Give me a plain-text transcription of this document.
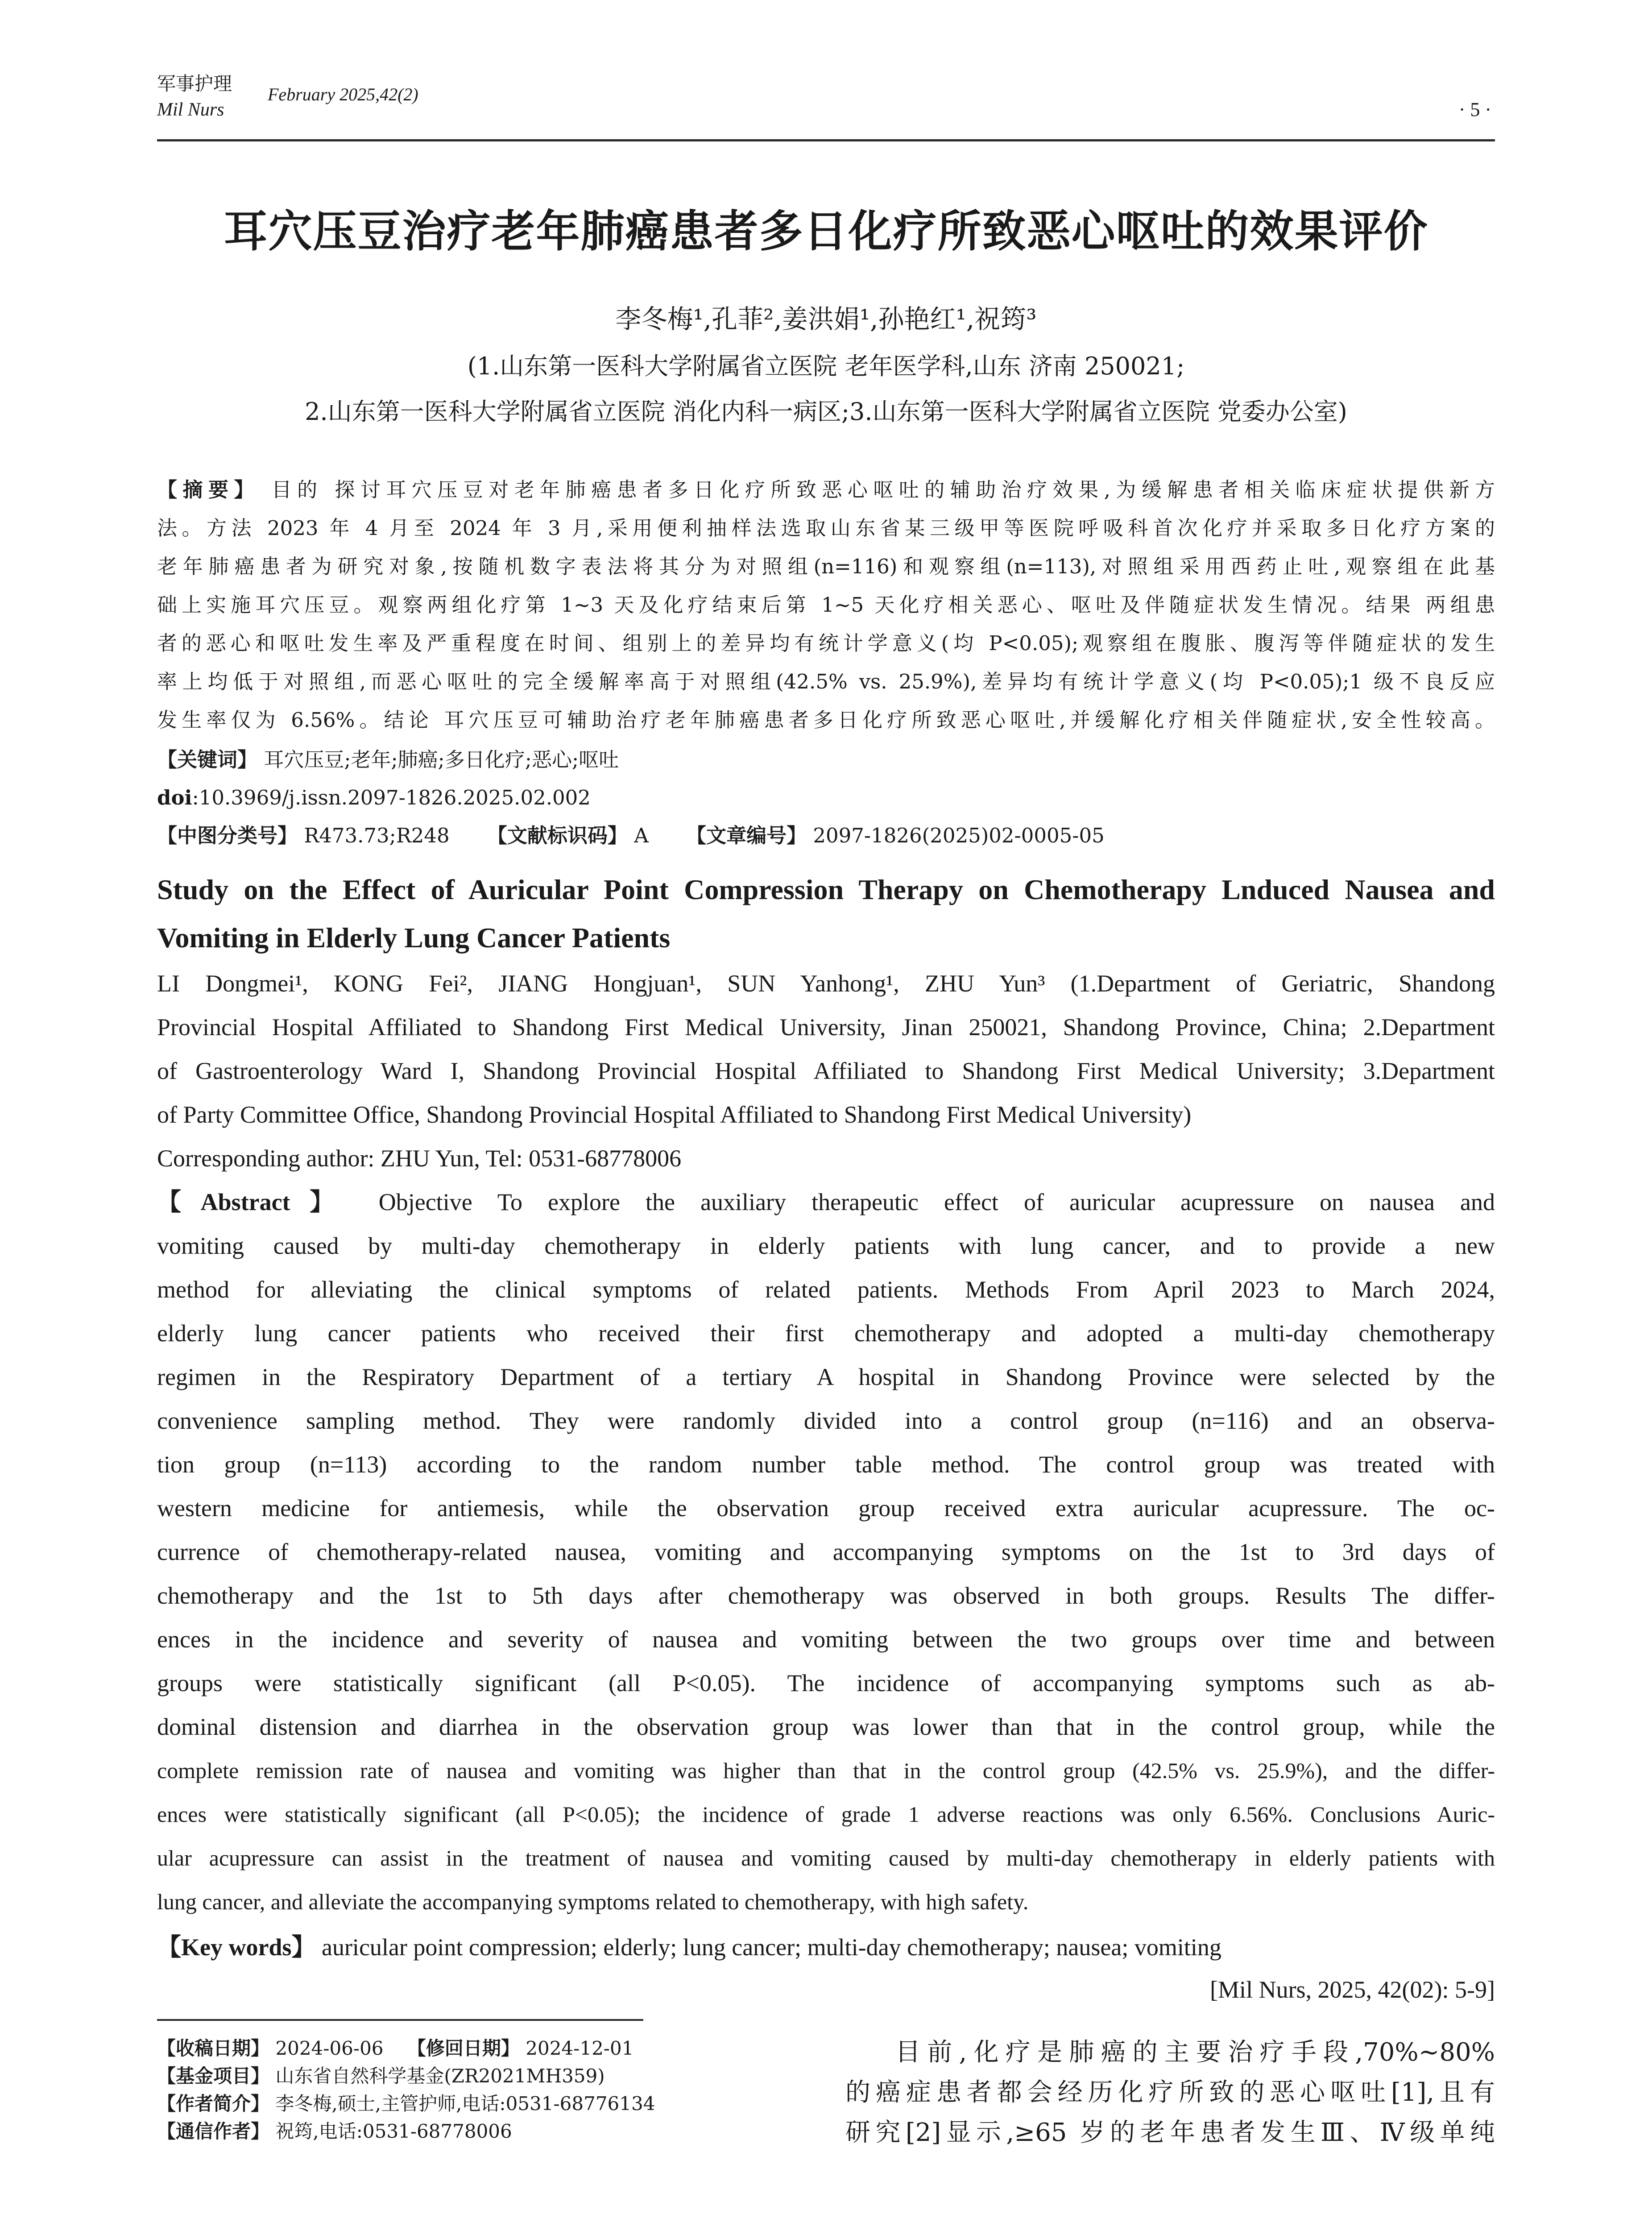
军事护理
Mil Nurs
February 2025,42(2)
· 5 ·
耳穴压豆治疗老年肺癌患者多日化疗所致恶心呕吐的效果评价
李冬梅¹,孔菲²,姜洪娟¹,孙艳红¹,祝筠³
(1.山东第一医科大学附属省立医院 老年医学科,山东 济南 250021;
2.山东第一医科大学附属省立医院 消化内科一病区;3.山东第一医科大学附属省立医院 党委办公室)
【摘要】 目的 探讨耳穴压豆对老年肺癌患者多日化疗所致恶心呕吐的辅助治疗效果,为缓解患者相关临床症状提供新方
法。方法 2023 年 4 月至 2024 年 3 月,采用便利抽样法选取山东省某三级甲等医院呼吸科首次化疗并采取多日化疗方案的
老年肺癌患者为研究对象,按随机数字表法将其分为对照组(n=116)和观察组(n=113),对照组采用西药止吐,观察组在此基
础上实施耳穴压豆。观察两组化疗第 1~3 天及化疗结束后第 1~5 天化疗相关恶心、呕吐及伴随症状发生情况。结果 两组患
者的恶心和呕吐发生率及严重程度在时间、组别上的差异均有统计学意义(均 P<0.05);观察组在腹胀、腹泻等伴随症状的发生
率上均低于对照组,而恶心呕吐的完全缓解率高于对照组(42.5% vs. 25.9%),差异均有统计学意义(均 P<0.05);1 级不良反应
发生率仅为 6.56%。结论 耳穴压豆可辅助治疗老年肺癌患者多日化疗所致恶心呕吐,并缓解化疗相关伴随症状,安全性较高。
【关键词】 耳穴压豆;老年;肺癌;多日化疗;恶心;呕吐
doi:10.3969/j.issn.2097-1826.2025.02.002
【中图分类号】 R473.73;R248 【文献标识码】 A 【文章编号】 2097-1826(2025)02-0005-05
Study on the Effect of Auricular Point Compression Therapy on Chemotherapy Lnduced Nausea and
Vomiting in Elderly Lung Cancer Patients
LI Dongmei¹, KONG Fei², JIANG Hongjuan¹, SUN Yanhong¹, ZHU Yun³ (1.Department of Geriatric, Shandong
Provincial Hospital Affiliated to Shandong First Medical University, Jinan 250021, Shandong Province, China; 2.Department
of Gastroenterology Ward I, Shandong Provincial Hospital Affiliated to Shandong First Medical University; 3.Department
of Party Committee Office, Shandong Provincial Hospital Affiliated to Shandong First Medical University)
Corresponding author: ZHU Yun, Tel: 0531-68778006
【Abstract】 Objective To explore the auxiliary therapeutic effect of auricular acupressure on nausea and
vomiting caused by multi-day chemotherapy in elderly patients with lung cancer, and to provide a new
method for alleviating the clinical symptoms of related patients. Methods From April 2023 to March 2024,
elderly lung cancer patients who received their first chemotherapy and adopted a multi-day chemotherapy
regimen in the Respiratory Department of a tertiary A hospital in Shandong Province were selected by the
convenience sampling method. They were randomly divided into a control group (n=116) and an observa-
tion group (n=113) according to the random number table method. The control group was treated with
western medicine for antiemesis, while the observation group received extra auricular acupressure. The oc-
currence of chemotherapy-related nausea, vomiting and accompanying symptoms on the 1st to 3rd days of
chemotherapy and the 1st to 5th days after chemotherapy was observed in both groups. Results The differ-
ences in the incidence and severity of nausea and vomiting between the two groups over time and between
groups were statistically significant (all P<0.05). The incidence of accompanying symptoms such as ab-
dominal distension and diarrhea in the observation group was lower than that in the control group, while the
complete remission rate of nausea and vomiting was higher than that in the control group (42.5% vs. 25.9%), and the differ-
ences were statistically significant (all P<0.05); the incidence of grade 1 adverse reactions was only 6.56%. Conclusions Auric-
ular acupressure can assist in the treatment of nausea and vomiting caused by multi-day chemotherapy in elderly patients with
lung cancer, and alleviate the accompanying symptoms related to chemotherapy, with high safety.
【Key words】 auricular point compression; elderly; lung cancer; multi-day chemotherapy; nausea; vomiting
[Mil Nurs, 2025, 42(02): 5-9]
【收稿日期】 2024-06-06 【修回日期】 2024-12-01
【基金项目】 山东省自然科学基金(ZR2021MH359)
【作者简介】 李冬梅,硕士,主管护师,电话:0531-68776134
【通信作者】 祝筠,电话:0531-68778006
目前,化疗是肺癌的主要治疗手段,70%~80%
的癌症患者都会经历化疗所致的恶心呕吐[1],且有
研究[2]显示,≥65 岁的老年患者发生Ⅲ、Ⅳ级单纯
